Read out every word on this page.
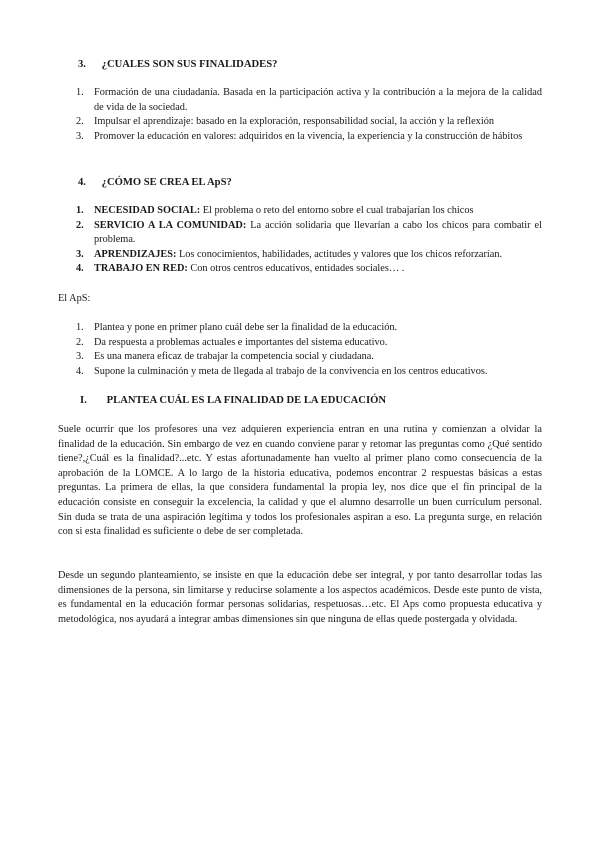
3. ¿CUALES SON SUS FINALIDADES?
1. Formación de una ciudadanía. Basada en la participación activa y la contribución a la mejora de la calidad de vida de la sociedad.
2. Impulsar el aprendizaje: basado en la exploración, responsabilidad social, la acción y la reflexión
3. Promover la educación en valores: adquiridos en la vivencia, la experiencia y la construcción de hábitos
4. ¿CÓMO SE CREA EL ApS?
1. NECESIDAD SOCIAL: El problema o reto del entorno sobre el cual trabajarían los chicos
2. SERVICIO A LA COMUNIDAD: La acción solidaria que llevarían a cabo los chicos para combatir el problema.
3. APRENDIZAJES: Los conocimientos, habilidades, actitudes y valores que los chicos reforzarían.
4. TRABAJO EN RED: Con otros centros educativos, entidades sociales… .
El ApS:
1. Plantea y pone en primer plano cuál debe ser la finalidad de la educación.
2. Da respuesta a problemas actuales e importantes del sistema educativo.
3. Es una manera eficaz de trabajar la competencia social y ciudadana.
4. Supone la culminación y meta de llegada al trabajo de la convivencia en los centros educativos.
I. PLANTEA CUÁL ES LA FINALIDAD DE LA EDUCACIÓN

Suele ocurrir que los profesores una vez adquieren experiencia entran en una rutina y comienzan a olvidar la finalidad de la educación. Sin embargo de vez en cuando conviene parar y retomar las preguntas como ¿Qué sentido tiene?,¿Cuál es la finalidad?...etc. Y estas afortunadamente han vuelto al primer plano como consecuencia de la aprobación de la LOMCE. A lo largo de la historia educativa, podemos encontrar 2 respuestas básicas a estas preguntas. La primera de ellas, la que considera fundamental la propia ley, nos dice que el fin principal de la educación consiste en conseguir la excelencia, la calidad y que el alumno desarrolle un buen currículum personal. Sin duda se trata de una aspiración legítima y todos los profesionales aspiran a eso. La pregunta surge, en relación con si esta finalidad es suficiente o debe de ser completada.

Desde un segundo planteamiento, se insiste en que la educación debe ser integral, y por tanto desarrollar todas las dimensiones de la persona, sin limitarse y reducirse solamente a los aspectos académicos. Desde este punto de vista, es fundamental en la educación formar personas solidarias, respetuosas…etc. El Aps como propuesta educativa y metodológica, nos ayudará a integrar ambas dimensiones sin que ninguna de ellas quede postergada y olvidada.
